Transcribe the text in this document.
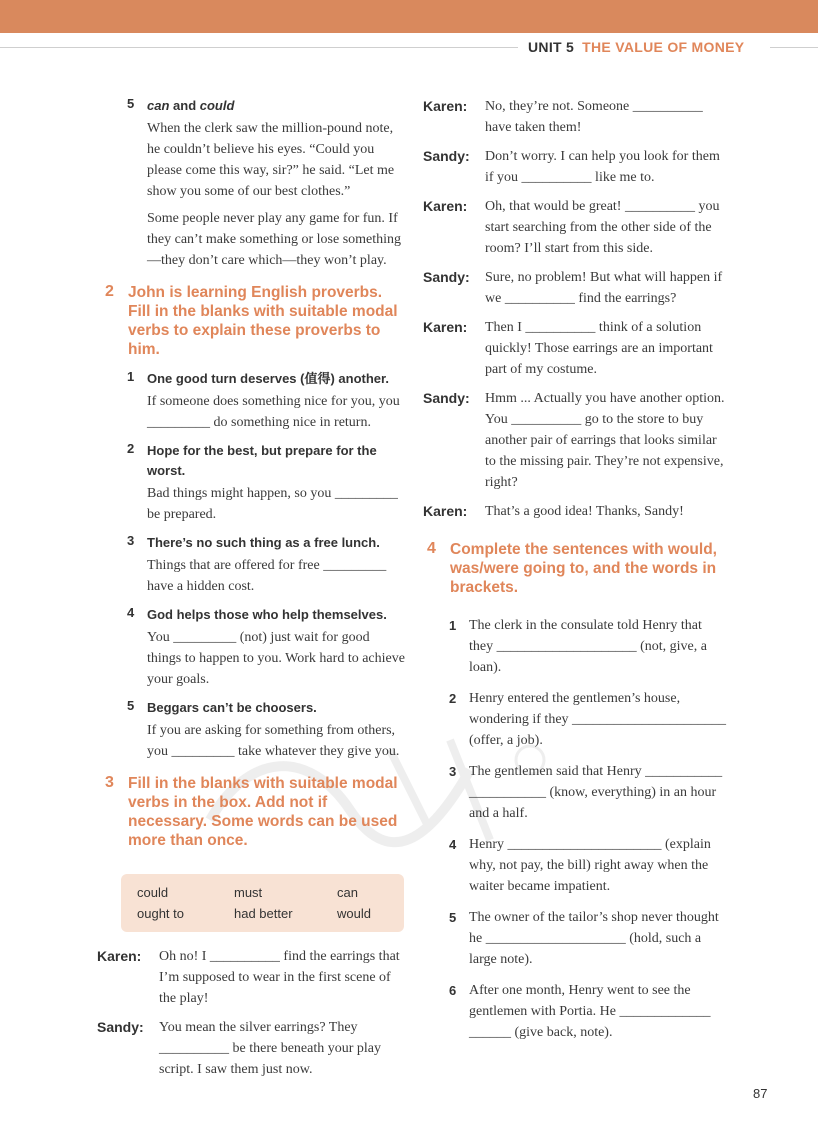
UNIT 5 THE VALUE OF MONEY
5 can and could

When the clerk saw the million-pound note, he couldn’t believe his eyes. “Could you please come this way, sir?” he said. “Let me show you some of our best clothes.”

Some people never play any game for fun. If they can’t make something or lose something—they don’t care which—they won’t play.

2 John is learning English proverbs. Fill in the blanks with suitable modal verbs to explain these proverbs to him.
1 One good turn deserves (值得) another.

If someone does something nice for you, you _________ do something nice in return.

2 Hope for the best, but prepare for the worst.

Bad things might happen, so you _________ be prepared.

3 There’s no such thing as a free lunch.

Things that are offered for free _________ have a hidden cost.

4 God helps those who help themselves.

You _________ (not) just wait for good things to happen to you. Work hard to achieve your goals.

5 Beggars can’t be choosers.

If you are asking for something from others, you _________ take whatever they give you.

3 Fill in the blanks with suitable modal verbs in the box. Add not if necessary. Some words can be used more than once.
could	must	can
ought to	had better	would
Karen: Oh no! I __________ find the earrings that I’m supposed to wear in the first scene of the play!
Sandy: You mean the silver earrings? They __________ be there beneath your play script. I saw them just now.
Karen: No, they’re not. Someone __________ have taken them!
Sandy: Don’t worry. I can help you look for them if you __________ like me to.
Karen: Oh, that would be great! __________ you start searching from the other side of the room? I’ll start from this side.
Sandy: Sure, no problem! But what will happen if we __________ find the earrings?
Karen: Then I __________ think of a solution quickly! Those earrings are an important part of my costume.
Sandy: Hmm ... Actually you have another option. You __________ go to the store to buy another pair of earrings that looks similar to the missing pair. They’re not expensive, right?
Karen: That’s a good idea! Thanks, Sandy!
4 Complete the sentences with would, was/were going to, and the words in brackets.
1 The clerk in the consulate told Henry that they ____________________ (not, give, a loan).
2 Henry entered the gentlemen’s house, wondering if they ______________________ (offer, a job).
3 The gentlemen said that Henry ___________ ___________ (know, everything) in an hour and a half.
4 Henry ______________________ (explain why, not pay, the bill) right away when the waiter became impatient.
5 The owner of the tailor’s shop never thought he ____________________ (hold, such a large note).
6 After one month, Henry went to see the gentlemen with Portia. He _____________ ______ (give back, note).
87
